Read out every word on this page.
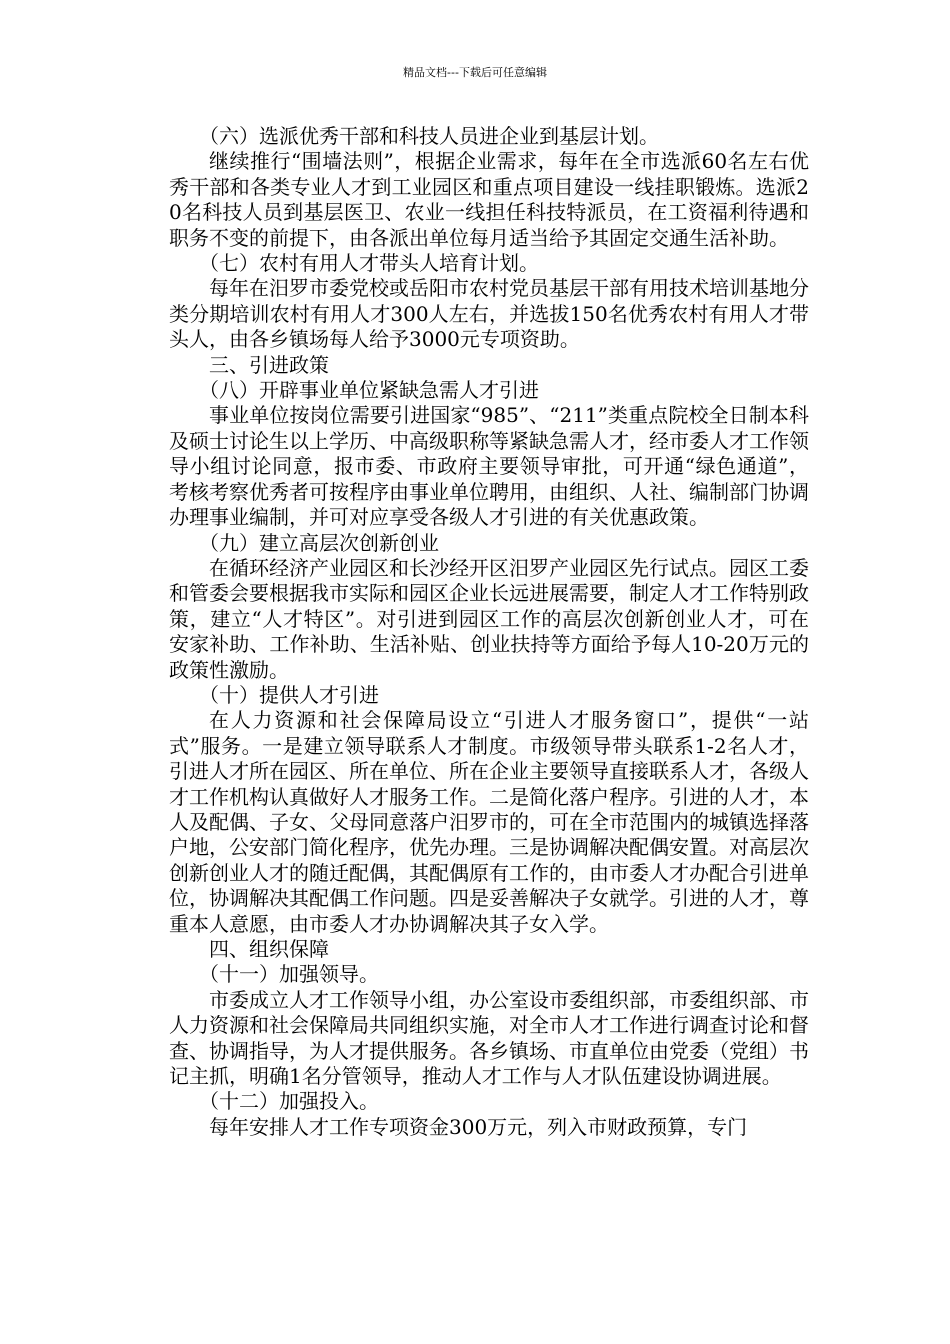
精品文档---下载后可任意编辑

（六）选派优秀干部和科技人员进企业到基层计划。

继续推行“围墙法则”，根据企业需求，每年在全市选派60名左右优秀干部和各类专业人才到工业园区和重点项目建设一线挂职锻炼。选派20名科技人员到基层医卫、农业一线担任科技特派员，在工资福利待遇和职务不变的前提下，由各派出单位每月适当给予其固定交通生活补助。

（七）农村有用人才带头人培育计划。

每年在汨罗市委党校或岳阳市农村党员基层干部有用技术培训基地分类分期培训农村有用人才300人左右，并选拔150名优秀农村有用人才带头人，由各乡镇场每人给予3000元专项资助。

三、引进政策

（八）开辟事业单位紧缺急需人才引进

事业单位按岗位需要引进国家“985”、“211”类重点院校全日制本科及硕士讨论生以上学历、中高级职称等紧缺急需人才，经市委人才工作领导小组讨论同意，报市委、市政府主要领导审批，可开通“绿色通道”，考核考察优秀者可按程序由事业单位聘用，由组织、人社、编制部门协调办理事业编制，并可对应享受各级人才引进的有关优惠政策。

（九）建立高层次创新创业

在循环经济产业园区和长沙经开区汨罗产业园区先行试点。园区工委和管委会要根据我市实际和园区企业长远进展需要，制定人才工作特别政策，建立“人才特区”。对引进到园区工作的高层次创新创业人才，可在安家补助、工作补助、生活补贴、创业扶持等方面给予每人10-20万元的政策性激励。

（十）提供人才引进

在人力资源和社会保障局设立“引进人才服务窗口”，提供“一站式”服务。一是建立领导联系人才制度。市级领导带头联系1-2名人才，引进人才所在园区、所在单位、所在企业主要领导直接联系人才，各级人才工作机构认真做好人才服务工作。二是简化落户程序。引进的人才，本人及配偶、子女、父母同意落户汨罗市的，可在全市范围内的城镇选择落户地，公安部门简化程序，优先办理。三是协调解决配偶安置。对高层次创新创业人才的随迁配偶，其配偶原有工作的，由市委人才办配合引进单位，协调解决其配偶工作问题。四是妥善解决子女就学。引进的人才，尊重本人意愿，由市委人才办协调解决其子女入学。

四、组织保障

（十一）加强领导。

市委成立人才工作领导小组，办公室设市委组织部，市委组织部、市人力资源和社会保障局共同组织实施，对全市人才工作进行调查讨论和督查、协调指导，为人才提供服务。各乡镇场、市直单位由党委（党组）书记主抓，明确1名分管领导，推动人才工作与人才队伍建设协调进展。

（十二）加强投入。

每年安排人才工作专项资金300万元，列入市财政预算，专门
